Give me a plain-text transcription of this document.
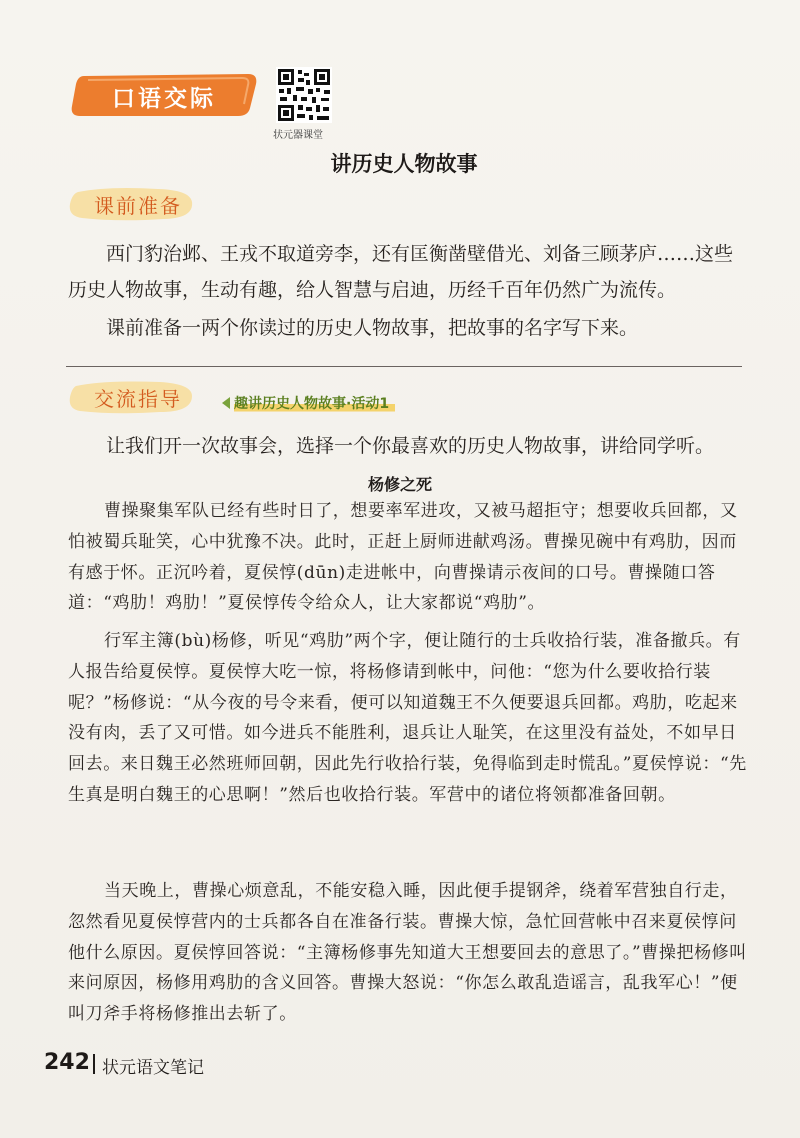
口语交际
状元器课堂
讲历史人物故事
课前准备
西门豹治邺、王戎不取道旁李，还有匡衡凿壁借光、刘备三顾茅庐……这些历史人物故事，生动有趣，给人智慧与启迪，历经千百年仍然广为流传。
课前准备一两个你读过的历史人物故事，把故事的名字写下来。
交流指导	趣讲历史人物故事·活动1
让我们开一次故事会，选择一个你最喜欢的历史人物故事，讲给同学听。
杨修之死
曹操聚集军队已经有些时日了，想要率军进攻，又被马超拒守；想要收兵回都，又怕被蜀兵耻笑，心中犹豫不决。此时，正赶上厨师进献鸡汤。曹操见碗中有鸡肋，因而有感于怀。正沉吟着，夏侯惇(dūn)走进帐中，向曹操请示夜间的口号。曹操随口答道：“鸡肋！鸡肋！”夏侯惇传令给众人，让大家都说“鸡肋”。
行军主簿(bù)杨修，听见“鸡肋”两个字，便让随行的士兵收拾行装，准备撤兵。有人报告给夏侯惇。夏侯惇大吃一惊，将杨修请到帐中，问他：“您为什么要收拾行装呢？”杨修说：“从今夜的号令来看，便可以知道魏王不久便要退兵回都。鸡肋，吃起来没有肉，丢了又可惜。如今进兵不能胜利，退兵让人耻笑，在这里没有益处，不如早日回去。来日魏王必然班师回朝，因此先行收拾行装，免得临到走时慌乱。”夏侯惇说：“先生真是明白魏王的心思啊！”然后也收拾行装。军营中的诸位将领都准备回朝。
当天晚上，曹操心烦意乱，不能安稳入睡，因此便手提钢斧，绕着军营独自行走，忽然看见夏侯惇营内的士兵都各自在准备行装。曹操大惊，急忙回营帐中召来夏侯惇问他什么原因。夏侯惇回答说：“主簿杨修事先知道大王想要回去的意思了。”曹操把杨修叫来问原因，杨修用鸡肋的含义回答。曹操大怒说：“你怎么敢乱造谣言，乱我军心！”便叫刀斧手将杨修推出去斩了。
242 状元语文笔记
